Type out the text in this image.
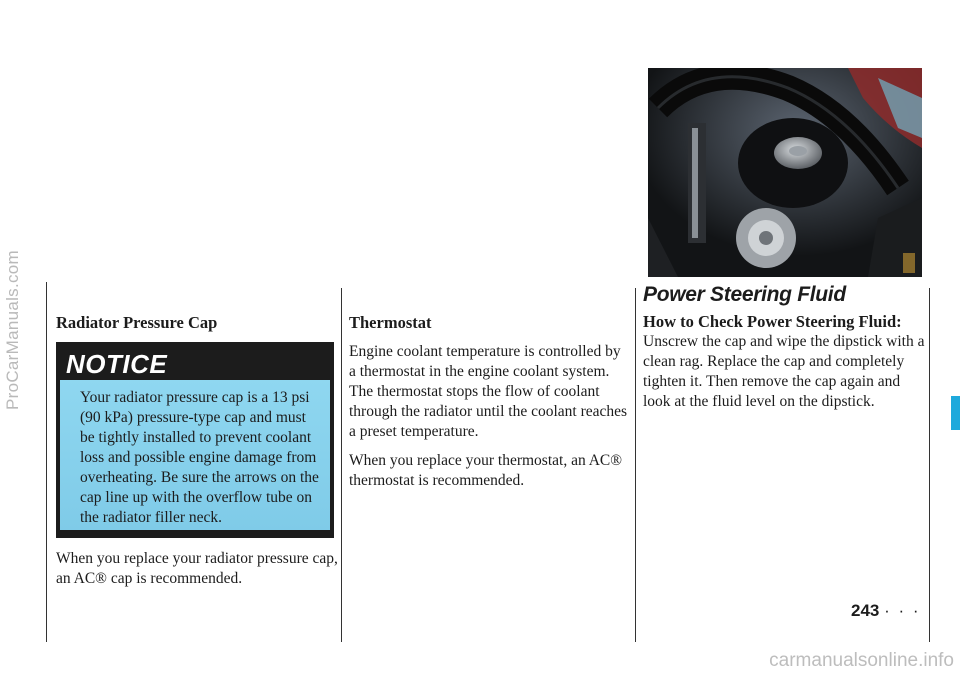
ProCarManuals.com Radiator Pressure Cap
NOTICE
Your radiator pressure cap is a 13 psi (90 kPa) pressure-type cap and must be tightly installed to prevent coolant loss and possible engine damage from overheating. Be sure the arrows on the cap line up with the overflow tube on the radiator filler neck.

When you replace your radiator pressure cap, an AC® cap is recommended.

Thermostat

Engine coolant temperature is controlled by a thermostat in the engine coolant system. The thermostat stops the flow of coolant through the radiator until the coolant reaches a preset temperature.

When you replace your thermostat, an AC® thermostat is recommended.

Power Steering Fluid
How to Check Power Steering Fluid:

Unscrew the cap and wipe the dipstick with a clean rag. Replace the cap and completely tighten it. Then remove the cap again and look at the fluid level on the dipstick.

243 · · ·
carmanualsonline.info
